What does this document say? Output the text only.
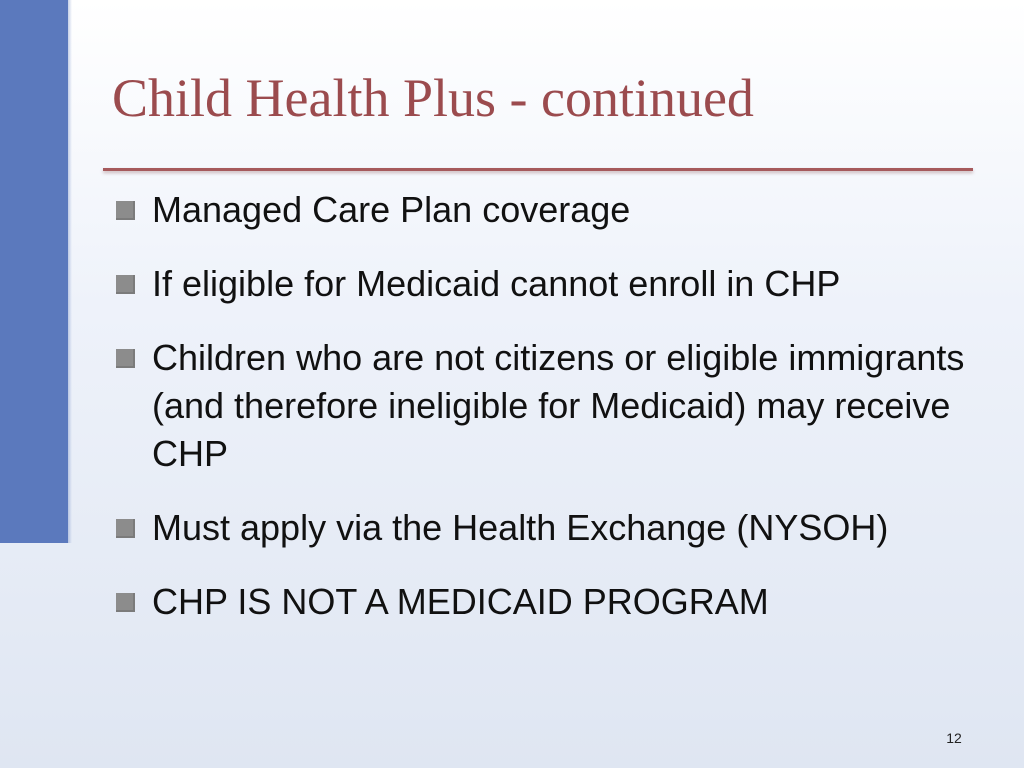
Child Health Plus - continued
Managed Care Plan coverage
If eligible for Medicaid cannot enroll in CHP
Children who are not citizens or eligible immigrants (and therefore ineligible for Medicaid) may receive CHP
Must apply via the Health Exchange (NYSOH)
CHP IS NOT A MEDICAID PROGRAM
12
